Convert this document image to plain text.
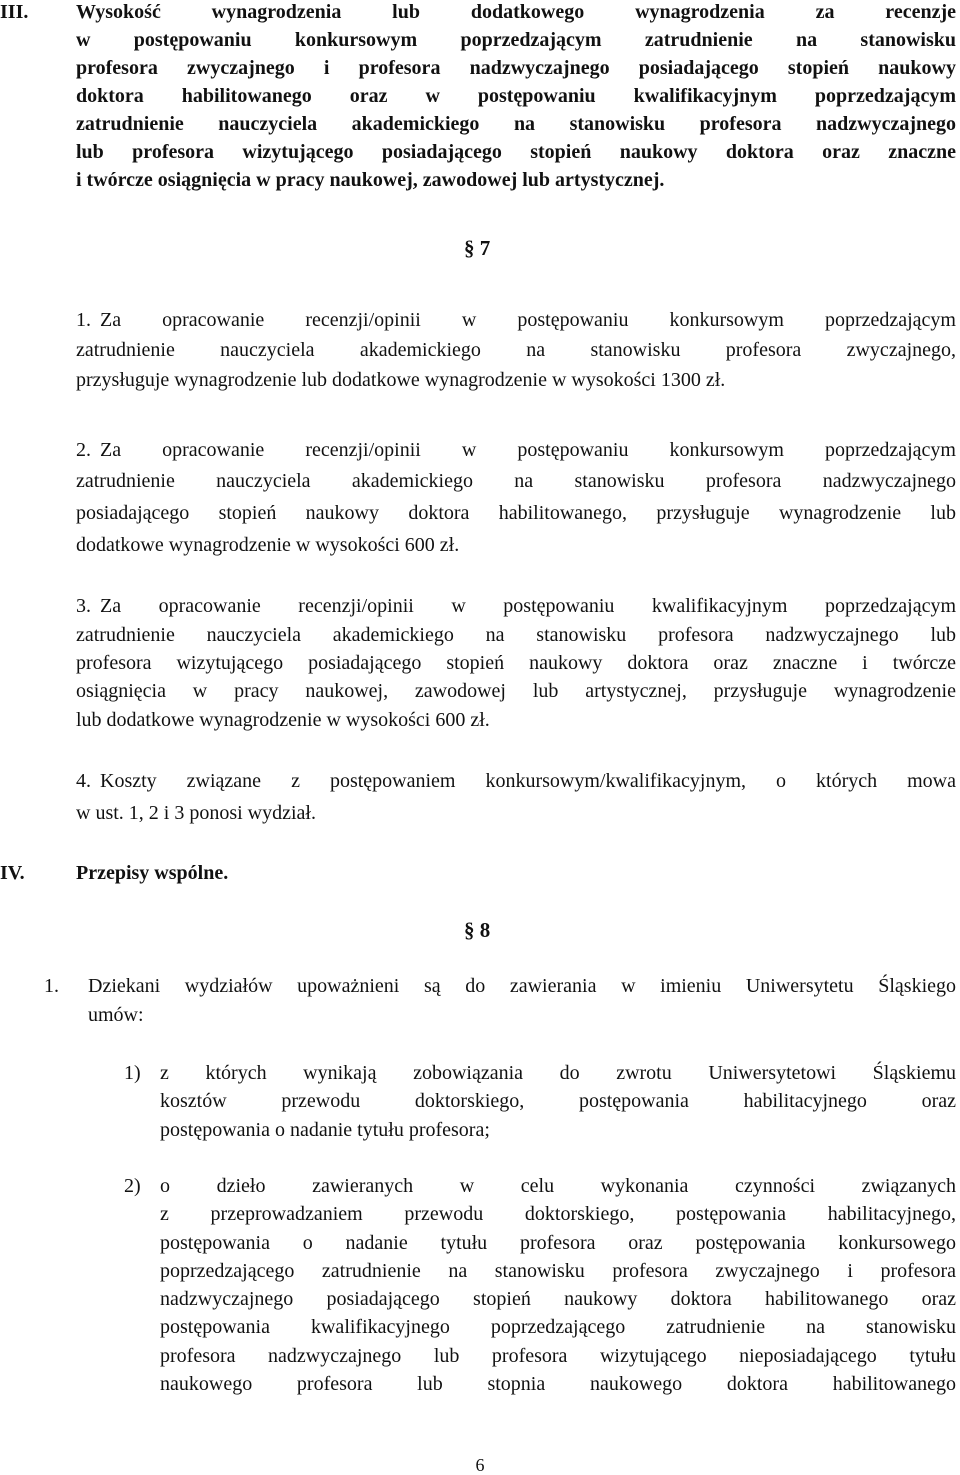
III. Wysokość wynagrodzenia lub dodatkowego wynagrodzenia za recenzje
w postępowaniu konkursowym poprzedzającym zatrudnienie na stanowisku
profesora zwyczajnego i profesora nadzwyczajnego posiadającego stopień naukowy
doktora habilitowanego oraz w postępowaniu kwalifikacyjnym poprzedzającym
zatrudnienie nauczyciela akademickiego na stanowisku profesora nadzwyczajnego
lub profesora wizytującego posiadającego stopień naukowy doktora oraz znaczne
i twórcze osiągnięcia w pracy naukowej, zawodowej lub artystycznej.
§ 7
1. Za opracowanie recenzji/opinii w postępowaniu konkursowym poprzedzającym
zatrudnienie nauczyciela akademickiego na stanowisku profesora zwyczajnego,
przysługuje wynagrodzenie lub dodatkowe wynagrodzenie w wysokości 1300 zł.
2. Za opracowanie recenzji/opinii w postępowaniu konkursowym poprzedzającym
zatrudnienie nauczyciela akademickiego na stanowisku profesora nadzwyczajnego
posiadającego stopień naukowy doktora habilitowanego, przysługuje wynagrodzenie lub
dodatkowe wynagrodzenie w wysokości 600 zł.
3. Za opracowanie recenzji/opinii w postępowaniu kwalifikacyjnym poprzedzającym
zatrudnienie nauczyciela akademickiego na stanowisku profesora nadzwyczajnego lub
profesora wizytującego posiadającego stopień naukowy doktora oraz znaczne i twórcze
osiągnięcia w pracy naukowej, zawodowej lub artystycznej, przysługuje wynagrodzenie
lub dodatkowe wynagrodzenie w wysokości 600 zł.
4. Koszty związane z postępowaniem konkursowym/kwalifikacyjnym, o których mowa
w ust. 1, 2 i 3 ponosi wydział.
IV.	Przepisy wspólne.
§ 8
1. Dziekani wydziałów upoważnieni są do zawierania w imieniu Uniwersytetu Śląskiego
umów:
1) z których wynikają zobowiązania do zwrotu Uniwersytetowi Śląskiemu
kosztów przewodu doktorskiego, postępowania habilitacyjnego oraz
postępowania o nadanie tytułu profesora;
2) o dzieło zawieranych w celu wykonania czynności związanych
z przeprowadzaniem przewodu doktorskiego, postępowania habilitacyjnego,
postępowania o nadanie tytułu profesora oraz postępowania konkursowego
poprzedzającego zatrudnienie na stanowisku profesora zwyczajnego i profesora
nadzwyczajnego posiadającego stopień naukowy doktora habilitowanego oraz
postępowania kwalifikacyjnego poprzedzającego zatrudnienie na stanowisku
profesora nadzwyczajnego lub profesora wizytującego nieposiadającego tytułu
naukowego profesora lub stopnia naukowego doktora habilitowanego
6
